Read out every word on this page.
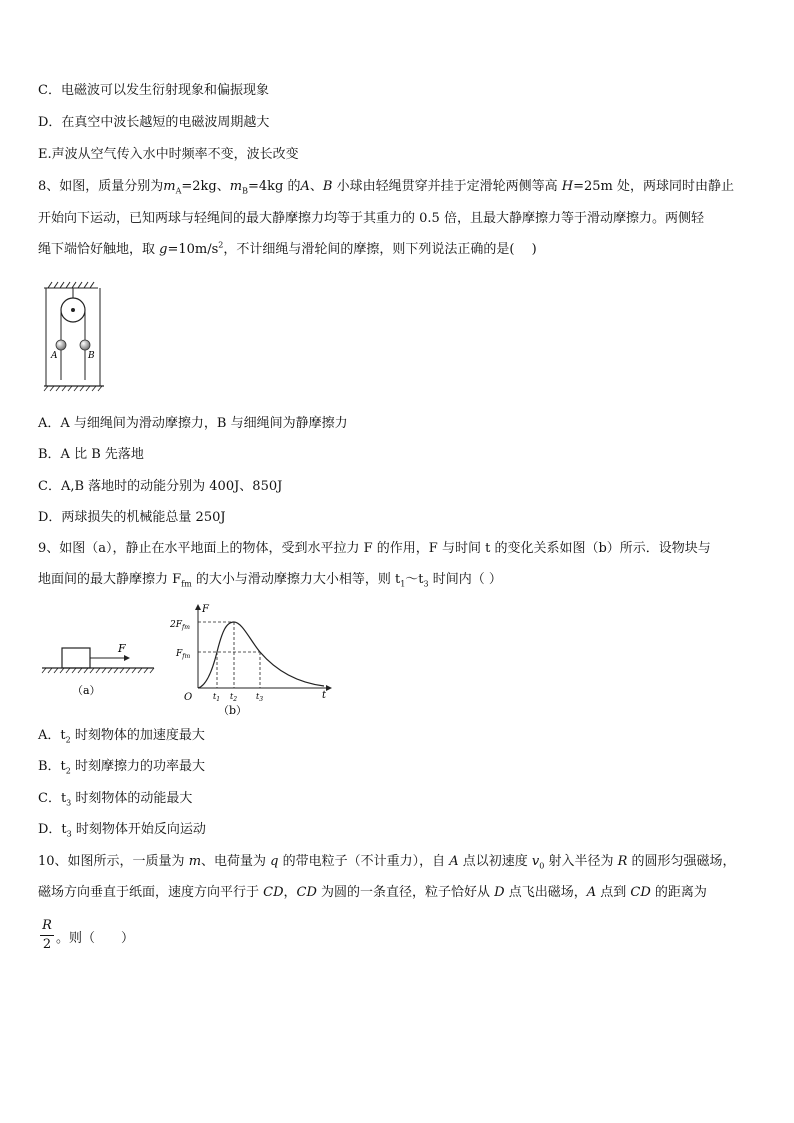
C．电磁波可以发生衍射现象和偏振现象
D．在真空中波长越短的电磁波周期越大
E.声波从空气传入水中时频率不变，波长改变
8、如图，质量分别为$m_A=2kg$、$m_B=4kg$ 的A、B 小球由轻绳贯穿并挂于定滑轮两侧等高 H=25m 处，两球同时由静止
开始向下运动，已知两球与轻绳间的最大静摩擦力均等于其重力的 0.5 倍，且最大静摩擦力等于滑动摩擦力。两侧轻
绳下端恰好触地，取 $g=10m/s^2$，不计细绳与滑轮间的摩擦，则下列说法正确的是(　 )
A	B
A．A 与细绳间为滑动摩擦力，B 与细绳间为静摩擦力
B．A 比 B 先落地
C．A,B 落地时的动能分别为 400J、850J
D．两球损失的机械能总量 250J
9、如图（a），静止在水平地面上的物体，受到水平拉力 F 的作用，F 与时间 t 的变化关系如图（b）所示．设物块与
地面间的最大静摩擦力 $F_{fm}$ 的大小与滑动摩擦力大小相等，则 $t_1\sim t_3$ 时间内（ ）
F
（a）
F
t
O
$2F_{fm}$
$F_{fm}$
$t_1$ $t_2$ $t_3$
（b）
A．$t_2$ 时刻物体的加速度最大
B．$t_2$ 时刻摩擦力的功率最大
C．$t_3$ 时刻物体的动能最大
D．$t_3$ 时刻物体开始反向运动
10、如图所示，一质量为 m、电荷量为 q 的带电粒子（不计重力），自 A 点以初速度 $v_0$ 射入半径为 R 的圆形匀强磁场，
磁场方向垂直于纸面，速度方向平行于 CD，CD 为圆的一条直径，粒子恰好从 D 点飞出磁场，A 点到 CD 的距离为
R
2 。则（　　）
